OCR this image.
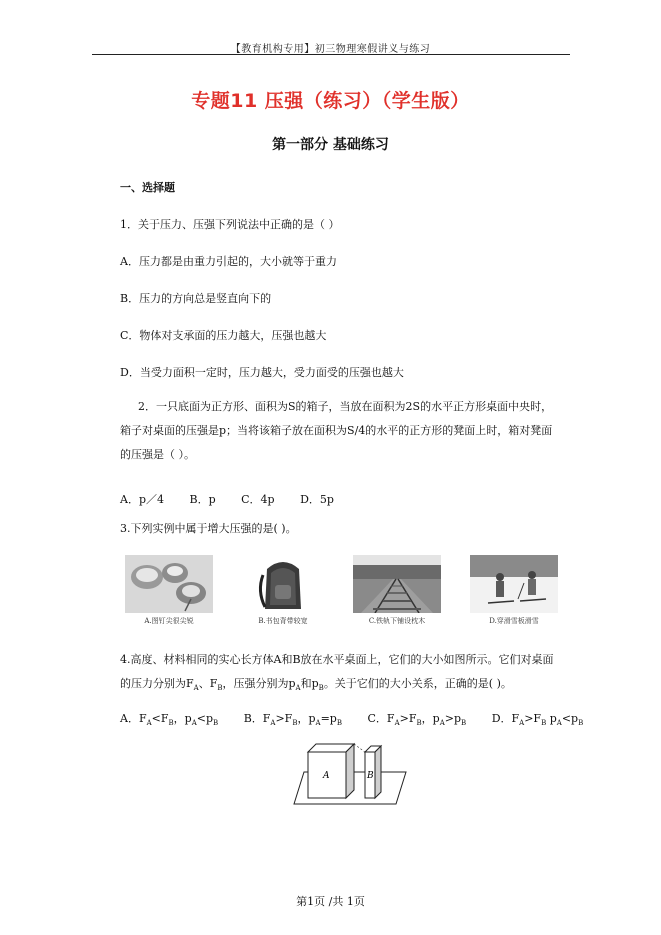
【教育机构专用】初三物理寒假讲义与练习
专题11 压强（练习）（学生版）
第一部分 基础练习
一、选择题
1．关于压力、压强下列说法中正确的是（ ）
A．压力都是由重力引起的，大小就等于重力
B．压力的方向总是竖直向下的
C．物体对支承面的压力越大，压强也越大
D．当受力面积一定时，压力越大，受力面受的压强也越大
2．一只底面为正方形、面积为S的箱子，当放在面积为2S的水平正方形桌面中央时，箱子对桌面的压强是p；当将该箱子放在面积为S/4的水平的正方形的凳面上时，箱对凳面的压强是（ ）。
A．p／4 B．p C．4p D．5p
3.下列实例中属于增大压强的是( )。
A.图钉尖很尖锐	B.书包背带较宽	C.铁轨下铺设枕木	D.穿滑雪板滑雪
4.高度、材料相同的实心长方体A和B放在水平桌面上，它们的大小如图所示。它们对桌面的压力分别为$F_A$、$F_B$，压强分别为$p_A$和$p_B$。关于它们的大小关系，正确的是( )。
A．$F_A<F_B$，$p_A<p_B$ B．$F_A>F_B$，$p_A=p_B$ C．$F_A>F_B$，$p_A>p_B$ D．$F_A>F_B$ $p_A<p_B$
A	B
第1页 /共 1页
